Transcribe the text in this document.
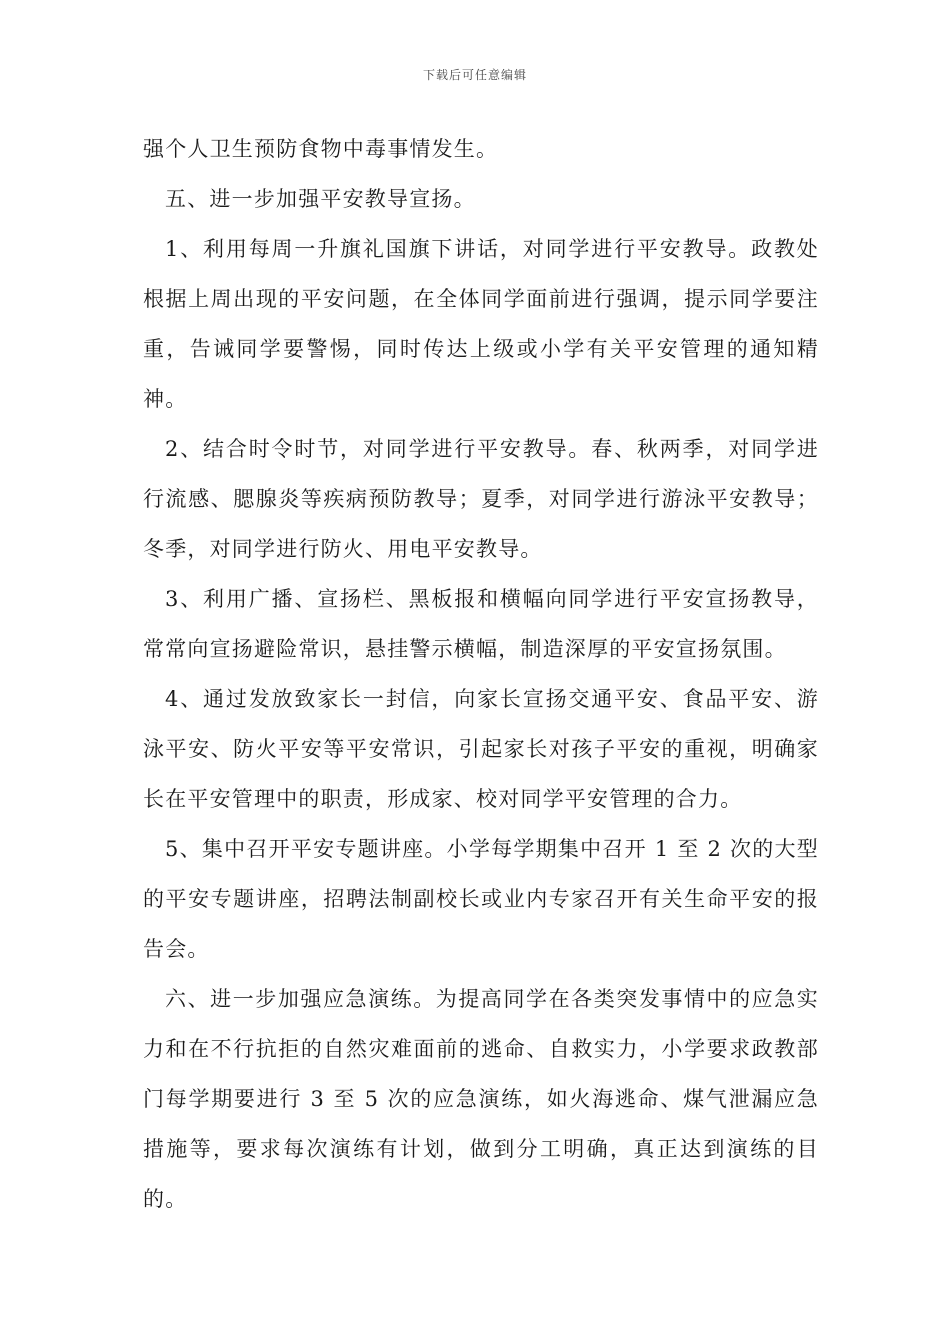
下载后可任意编辑

强个人卫生预防食物中毒事情发生。

五、进一步加强平安教导宣扬。

1、利用每周一升旗礼国旗下讲话，对同学进行平安教导。政教处根据上周出现的平安问题，在全体同学面前进行强调，提示同学要注重，告诫同学要警惕，同时传达上级或小学有关平安管理的通知精神。

2、结合时令时节，对同学进行平安教导。春、秋两季，对同学进行流感、腮腺炎等疾病预防教导；夏季，对同学进行游泳平安教导；冬季，对同学进行防火、用电平安教导。

3、利用广播、宣扬栏、黑板报和横幅向同学进行平安宣扬教导，常常向宣扬避险常识，悬挂警示横幅，制造深厚的平安宣扬氛围。

4、通过发放致家长一封信，向家长宣扬交通平安、食品平安、游泳平安、防火平安等平安常识，引起家长对孩子平安的重视，明确家长在平安管理中的职责，形成家、校对同学平安管理的合力。

5、集中召开平安专题讲座。小学每学期集中召开 1 至 2 次的大型的平安专题讲座，招聘法制副校长或业内专家召开有关生命平安的报告会。

六、进一步加强应急演练。为提高同学在各类突发事情中的应急实力和在不行抗拒的自然灾难面前的逃命、自救实力，小学要求政教部门每学期要进行 3 至 5 次的应急演练，如火海逃命、煤气泄漏应急措施等，要求每次演练有计划，做到分工明确，真正达到演练的目的。
